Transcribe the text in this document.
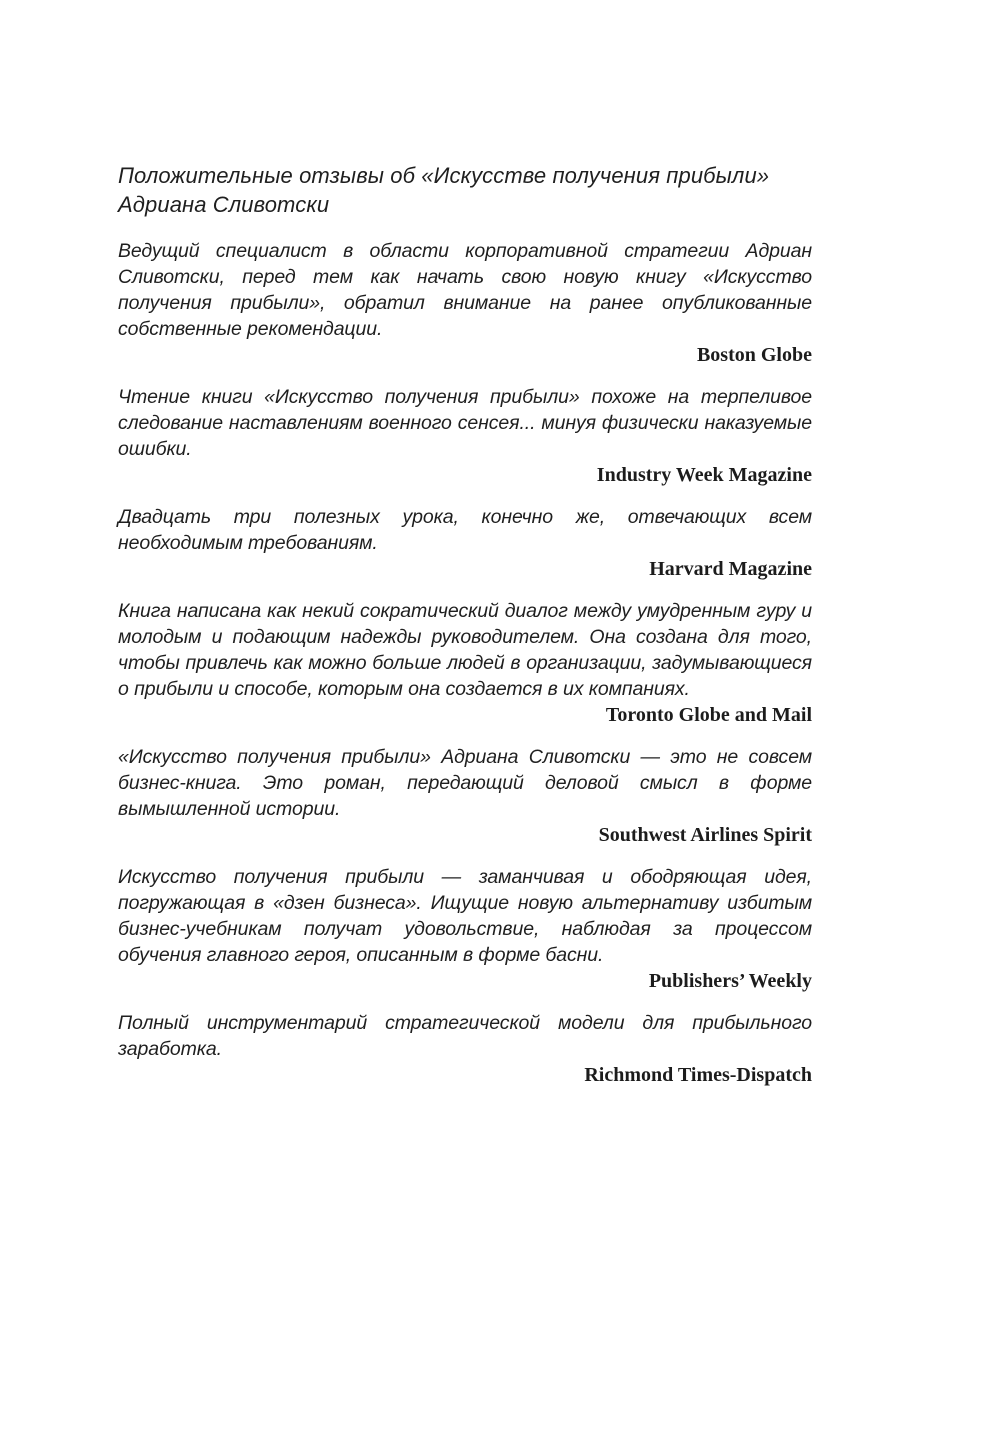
Положительные отзывы об «Искусстве получения прибыли»
Адриана Сливотски

Ведущий специалист в области корпоративной стратегии Адриан Сливотски, перед тем как начать свою новую книгу «Искусство получения прибыли», обратил внимание на ранее опубликованные собственные рекомендации.

Boston Globe

Чтение книги «Искусство получения прибыли» похоже на терпеливое следование наставлениям военного сенсея... минуя физически наказуемые ошибки.

Industry Week Magazine

Двадцать три полезных урока, конечно же, отвечающих всем необходимым требованиям.

Harvard Magazine

Книга написана как некий сократический диалог между умудренным гуру и молодым и подающим надежды руководителем. Она создана для того, чтобы привлечь как можно больше людей в организации, задумывающиеся о прибыли и способе, которым она создается в их компаниях.

Toronto Globe and Mail

«Искусство получения прибыли» Адриана Сливотски — это не совсем бизнес-книга. Это роман, передающий деловой смысл в форме вымышленной истории.

Southwest Airlines Spirit

Искусство получения прибыли — заманчивая и ободряющая идея, погружающая в «дзен бизнеса». Ищущие новую альтернативу избитым бизнес-учебникам получат удовольствие, наблюдая за процессом обучения главного героя, описанным в форме басни.

Publishers’ Weekly

Полный инструментарий стратегической модели для прибыльного заработка.

Richmond Times-Dispatch
